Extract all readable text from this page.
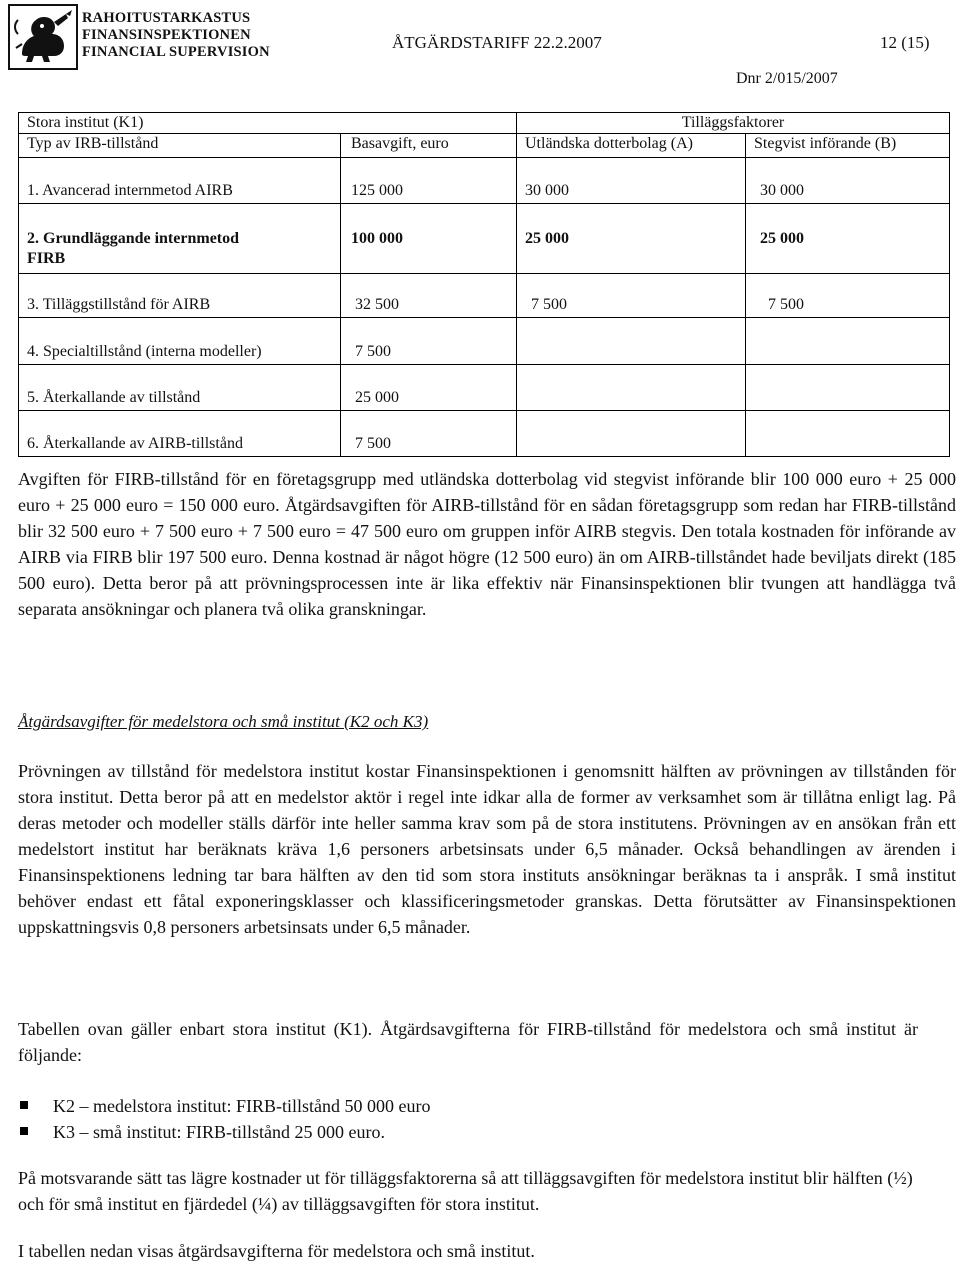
RAHOITUSTARKASTUS
FINANSINSPEKTIONEN
FINANCIAL SUPERVISION	ÅTGÄRDSTARIFF 22.2.2007	12 (15)
Dnr 2/015/2007
Stora institut (K1)		Tilläggsfaktorer	
Typ av IRB-tillstånd	Basavgift, euro	Utländska dotterbolag (A)	Stegvist införande (B)
1. Avancerad internmetod AIRB	125 000	30 000	30 000
2. Grundläggande internmetod FIRB	100 000	25 000	25 000
3. Tilläggstillstånd för AIRB	32 500	7 500	7 500
4. Specialtillstånd (interna modeller)	7 500		
5. Återkallande av tillstånd	25 000		
6. Återkallande av AIRB-tillstånd	7 500		

Avgiften för FIRB-tillstånd för en företagsgrupp med utländska dotterbolag vid stegvist införande blir 100 000 euro + 25 000 euro + 25 000 euro = 150 000 euro. Åtgärdsavgiften för AIRB-tillstånd för en sådan företagsgrupp som redan har FIRB-tillstånd blir 32 500 euro + 7 500 euro + 7 500 euro = 47 500 euro om gruppen inför AIRB stegvis. Den totala kostnaden för införande av AIRB via FIRB blir 197 500 euro. Denna kostnad är något högre (12 500 euro) än om AIRB-tillståndet hade beviljats direkt (185 500 euro). Detta beror på att prövningsprocessen inte är lika effektiv när Finansinspektionen blir tvungen att handlägga två separata ansökningar och planera två olika granskningar.

Åtgärdsavgifter för medelstora och små institut (K2 och K3)

Prövningen av tillstånd för medelstora institut kostar Finansinspektionen i genomsnitt hälften av prövningen av tillstånden för stora institut. Detta beror på att en medelstor aktör i regel inte idkar alla de former av verksamhet som är tillåtna enligt lag. På deras metoder och modeller ställs därför inte heller samma krav som på de stora institutens. Prövningen av en ansökan från ett medelstort institut har beräknats kräva 1,6 personers arbetsinsats under 6,5 månader. Också behandlingen av ärenden i Finansinspektionens ledning tar bara hälften av den tid som stora instituts ansökningar beräknas ta i anspråk. I små institut behöver endast ett fåtal exponeringsklasser och klassificeringsmetoder granskas. Detta förutsätter av Finansinspektionen uppskattningsvis 0,8 personers arbetsinsats under 6,5 månader.

Tabellen ovan gäller enbart stora institut (K1). Åtgärdsavgifterna för FIRB-tillstånd för medelstora och små institut är följande:

K2 – medelstora institut: FIRB-tillstånd 50 000 euro
K3 – små institut: FIRB-tillstånd 25 000 euro.

På motsvarande sätt tas lägre kostnader ut för tilläggsfaktorerna så att tilläggsavgiften för medelstora institut blir hälften (½) och för små institut en fjärdedel (¼) av tilläggsavgiften för stora institut.

I tabellen nedan visas åtgärdsavgifterna för medelstora och små institut.
